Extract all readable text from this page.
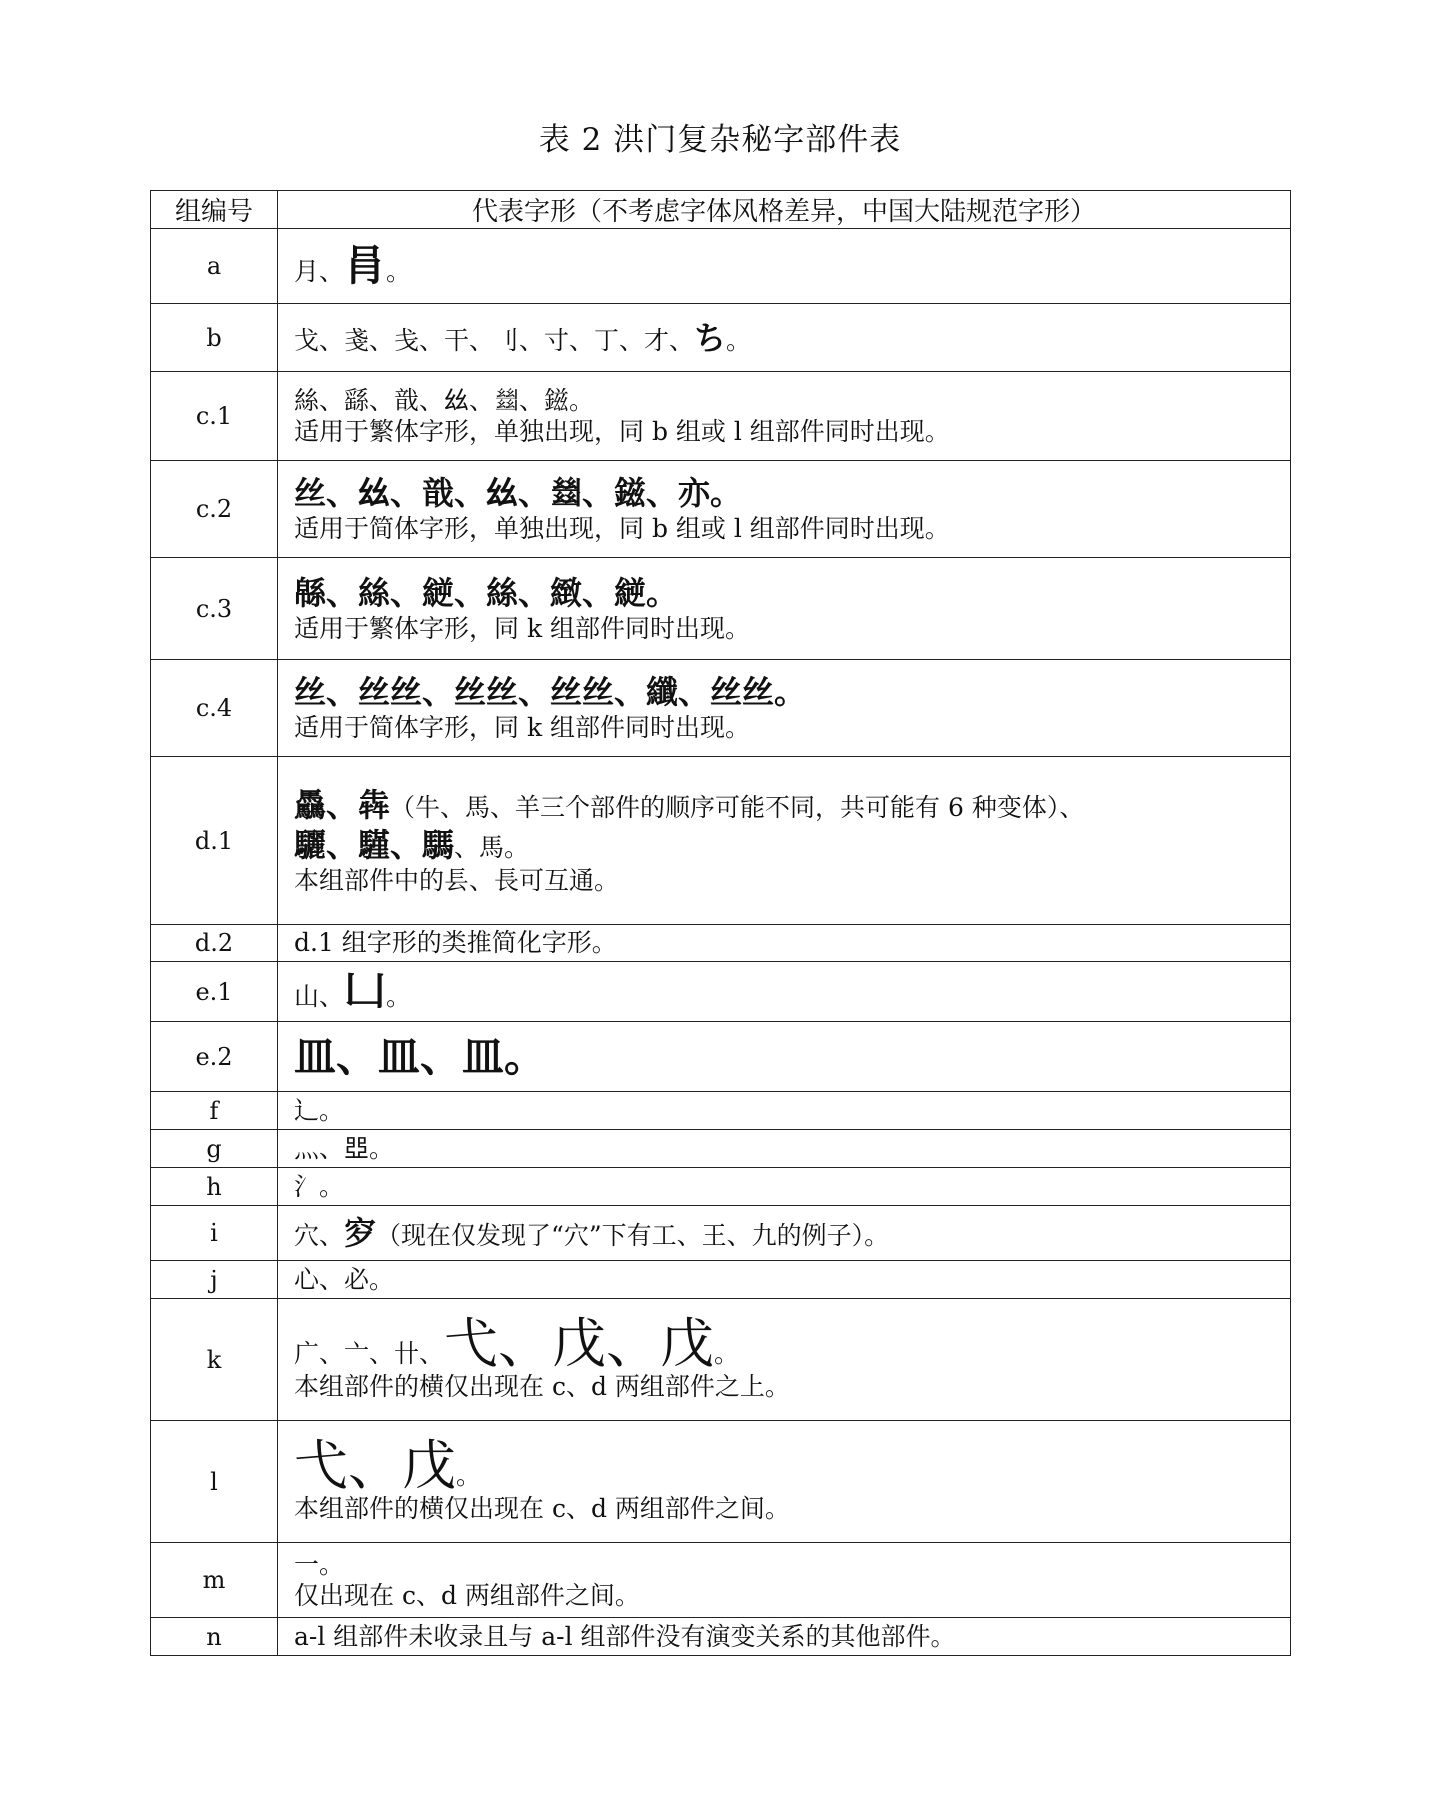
表 2 洪门复杂秘字部件表
组编号	代表字形（不考虑字体风格差异，中国大陆规范字形）
a	月、肙。

b	戈、戔、戋、干、刂、寸、丁、才、ち。

c.1	絲、繇、戠、𢆶、𢇍、鎡。
适用于繁体字形，单独出现，同 b 组或 l 组部件同时出现。

c.2	丝、𢆶、戠、𢆶、𢇍、鎡、亦。
适用于简体字形，单独出现，同 b 组或 l 组部件同时出现。

c.3	緜、絲、縌、絲、緻、縌。
适用于繁体字形，同 k 组部件同时出现。

c.4	丝、丝丝、丝丝、丝丝、纖、丝丝。
适用于简体字形，同 k 组部件同时出现。

d.1	驫、犇（牛、馬、羊三个部件的顺序可能不同，共可能有 6 种变体）、
驪、騹、騳、馬。
本组部件中的镸、長可互通。

d.2	d.1 组字形的类推简化字形。

e.1	山、凵。

e.2	皿、皿、皿。

f	辶。

g	灬、𠁁。

h	氵。

i	穴、穸（现在仅发现了“穴”下有工、王、九的例子）。

j	心、必。

k	广、亠、卄、弋、戊、戊。
本组部件的横仅出现在 c、d 两组部件之上。

l	弋、戊。
本组部件的横仅出现在 c、d 两组部件之间。

m	一。
仅出现在 c、d 两组部件之间。

n	a-l 组部件未收录且与 a-l 组部件没有演变关系的其他部件。
